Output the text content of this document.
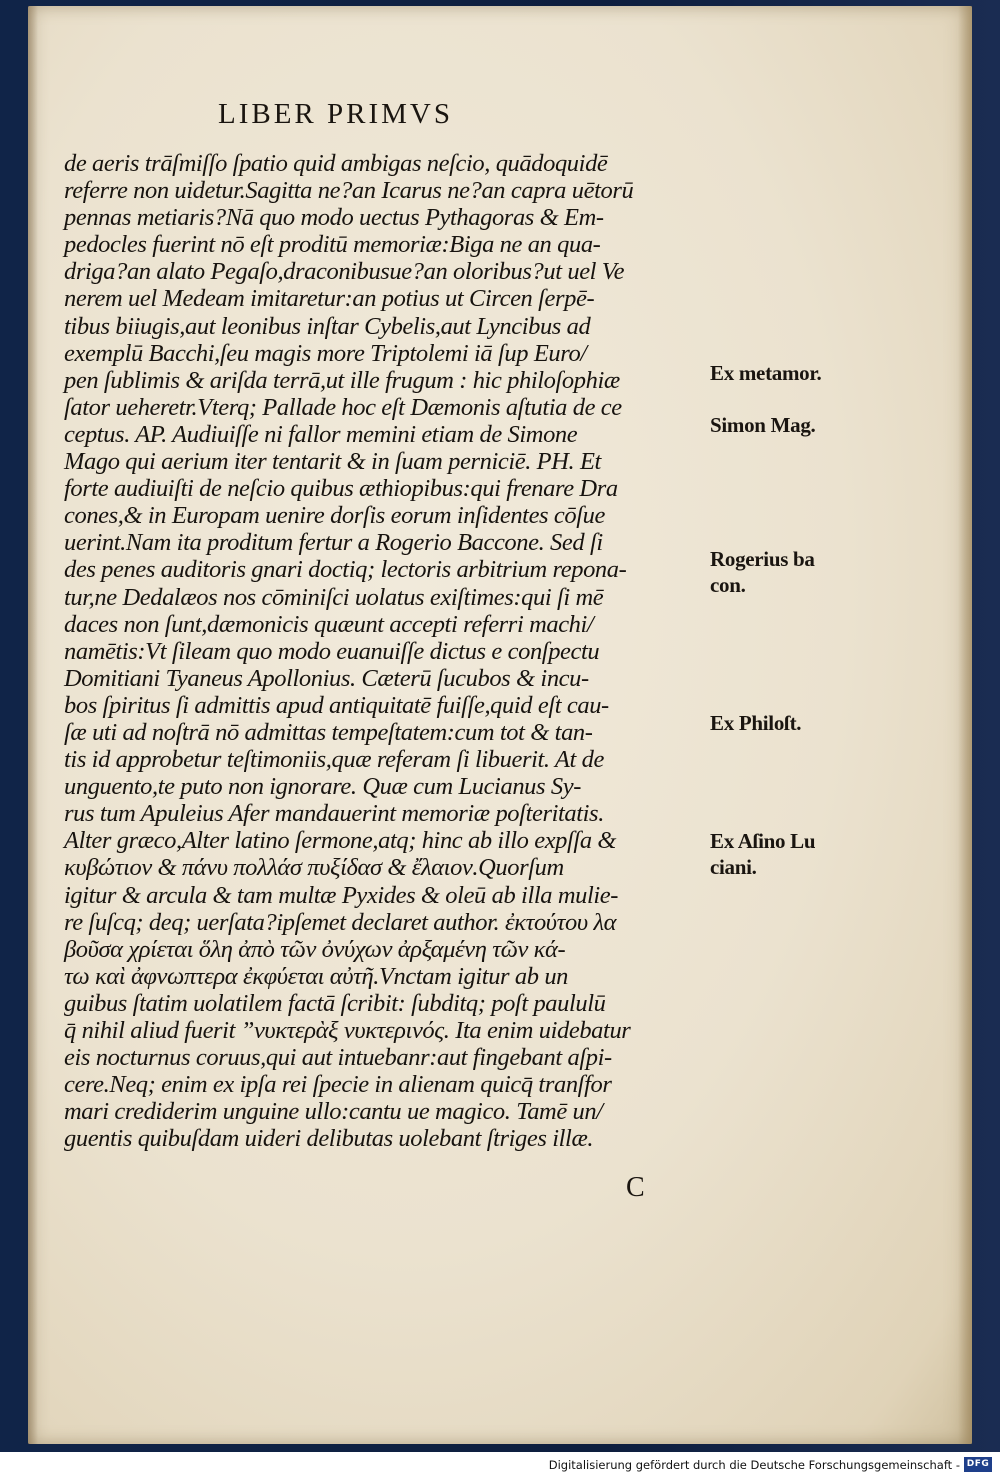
LIBER PRIMVS
de aeris trāſmiſſo ſpatio quid ambigas neſcio, quādoquidē
referre non uidetur.Sagitta ne?an Icarus ne?an capra uētorū
pennas metiaris?Nā quo modo uectus Pythagoras & Em-
pedocles fuerint nō eſt proditū memoriæ:Biga ne an qua-
driga?an alato Pegaſo,draconibusue?an oloribus?ut uel Ve
nerem uel Medeam imitaretur:an potius ut Circen ſerpē-
tibus biiugis,aut leonibus inſtar Cybelis,aut Lyncibus ad
exemplū Bacchi,ſeu magis more Triptolemi iā ſup Euro/
pen ſublimis & ariſda terrā,ut ille frugum : hic philoſophiæ
ſator ueheretr.Vterq; Pallade hoc eſt Dæmonis aſtutia de ce
ceptus. AP. Audiuiſſe ni fallor memini etiam de Simone
Mago qui aerium iter tentarit & in ſuam perniciē. PH. Et
forte audiuiſti de neſcio quibus æthiopibus:qui frenare Dra
cones,& in Europam uenire dorſis eorum inſidentes cōſue
uerint.Nam ita proditum fertur a Rogerio Baccone. Sed ſi
des penes auditoris gnari doctiq; lectoris arbitrium repona-
tur,ne Dedalæos nos cōminiſci uolatus exiſtimes:qui ſi mē
daces non ſunt,dæmonicis quæunt accepti referri machi/
namētis:Vt ſileam quo modo euanuiſſe dictus e conſpectu
Domitiani Tyaneus Apollonius. Cæterū ſucubos & incu-
bos ſpiritus ſi admittis apud antiquitatē fuiſſe,quid eſt cau-
ſæ uti ad noſtrā nō admittas tempeſtatem:cum tot & tan-
tis id approbetur teſtimoniis,quæ referam ſi libuerit. At de
unguento,te puto non ignorare. Quæ cum Lucianus Sy-
rus tum Apuleius Afer mandauerint memoriæ poſteritatis.
Alter græco,Alter latino ſermone,atq; hinc ab illo expſſa &
κυβώτιον & πάνυ πολλάσ πυξίδασ & ἔλαιον.Quorſum
igitur & arcula & tam multæ Pyxides & oleū ab illa mulie-
re ſuſcq; deq; uerſata?ipſemet declaret author. ἐκτούτου λα
βοῦσα χρίεται ὅλη ἀπὸ τῶν ὀνύχων ἀρξαμένη τῶν κά-
τω καὶ ἀφνωπτερα ἐκφύεται αὐτῆ.Vnctam igitur ab un
guibus ſtatim uolatilem factā ſcribit: ſubditq; poſt paululū
q̄ nihil aliud fuerit ”νυκτερὰξ νυκτερινός. Ita enim uidebatur
eis nocturnus coruus,qui aut intuebanr:aut fingebant aſpi-
cere.Neq; enim ex ipſa rei ſpecie in alienam quicq̄ tranſfor
mari crediderim unguine ullo:cantu ue magico. Tamē un/
guentis quibuſdam uideri delibutas uolebant ſtriges illæ.
Ex metamor.
Simon Mag.
Rogerius ba
con.
Ex Philoſt.
Ex Aſino Lu
ciani.
C
Digitalisierung gefördert durch die Deutsche Forschungsgemeinschaft - DFG
